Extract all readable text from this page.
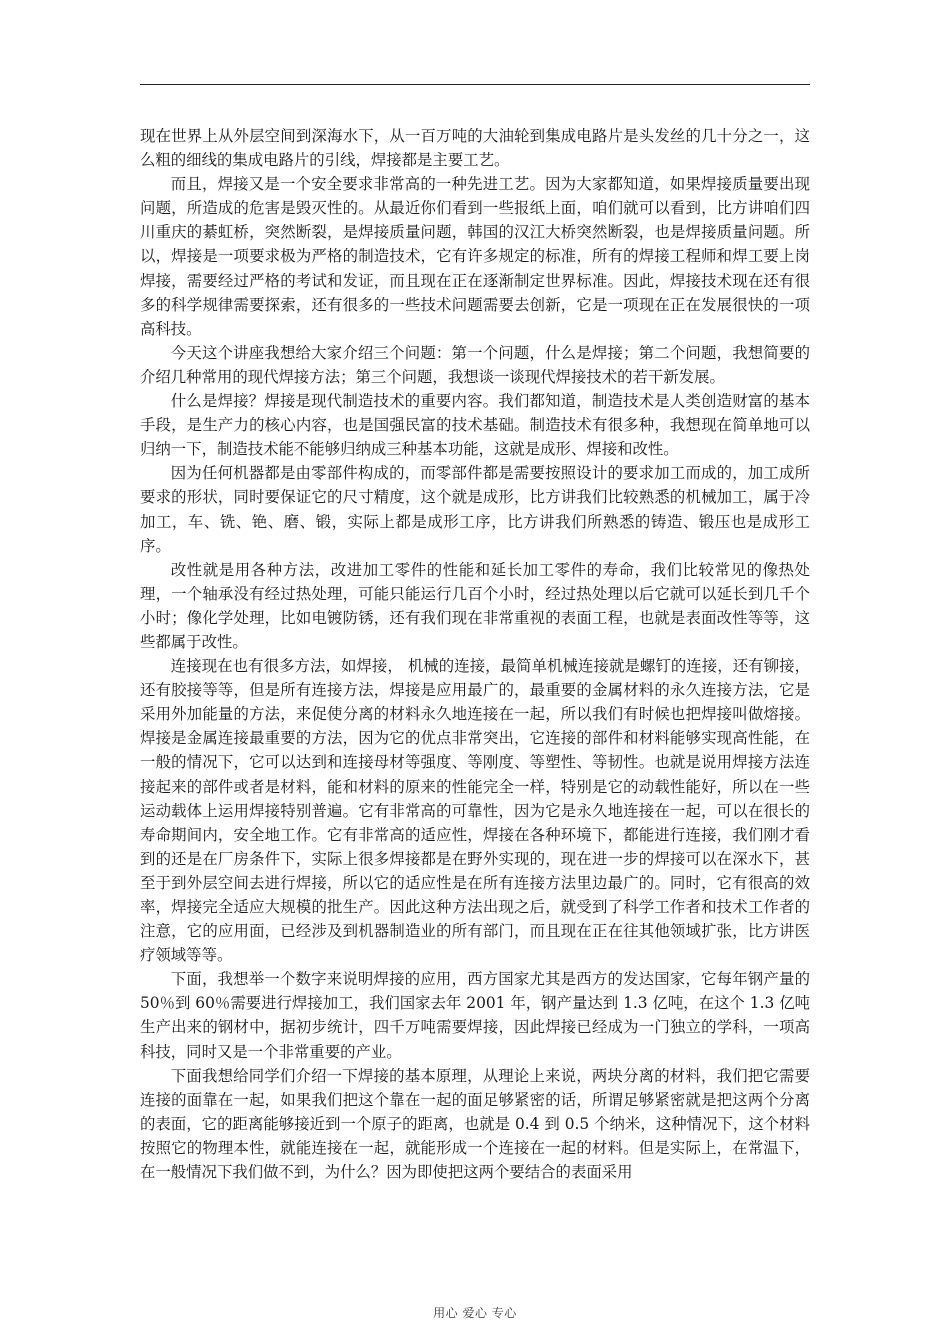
现在世界上从外层空间到深海水下，从一百万吨的大油轮到集成电路片是头发丝的几十分之一，这么粗的细线的集成电路片的引线，焊接都是主要工艺。

而且，焊接又是一个安全要求非常高的一种先进工艺。因为大家都知道，如果焊接质量要出现问题，所造成的危害是毁灭性的。从最近你们看到一些报纸上面，咱们就可以看到，比方讲咱们四川重庆的綦虹桥，突然断裂，是焊接质量问题，韩国的汉江大桥突然断裂，也是焊接质量问题。所以，焊接是一项要求极为严格的制造技术，它有许多规定的标准，所有的焊接工程师和焊工要上岗焊接，需要经过严格的考试和发证，而且现在正在逐渐制定世界标准。因此，焊接技术现在还有很多的科学规律需要探索，还有很多的一些技术问题需要去创新，它是一项现在正在发展很快的一项高科技。

今天这个讲座我想给大家介绍三个问题：第一个问题，什么是焊接；第二个问题，我想简要的介绍几种常用的现代焊接方法；第三个问题，我想谈一谈现代焊接技术的若干新发展。

什么是焊接？焊接是现代制造技术的重要内容。我们都知道，制造技术是人类创造财富的基本手段，是生产力的核心内容，也是国强民富的技术基础。制造技术有很多种，我想现在简单地可以归纳一下，制造技术能不能够归纳成三种基本功能，这就是成形、焊接和改性。

因为任何机器都是由零部件构成的，而零部件都是需要按照设计的要求加工而成的，加工成所要求的形状，同时要保证它的尺寸精度，这个就是成形，比方讲我们比较熟悉的机械加工，属于冷加工，车、铣、铯、磨、锻，实际上都是成形工序，比方讲我们所熟悉的铸造、锻压也是成形工序。

改性就是用各种方法，改进加工零件的性能和延长加工零件的寿命，我们比较常见的像热处理，一个轴承没有经过热处理，可能只能运行几百个小时，经过热处理以后它就可以延长到几千个小时；像化学处理，比如电镀防锈，还有我们现在非常重视的表面工程，也就是表面改性等等，这些都属于改性。

连接现在也有很多方法，如焊接， 机械的连接，最简单机械连接就是螺钉的连接，还有铆接，还有胶接等等，但是所有连接方法，焊接是应用最广的，最重要的金属材料的永久连接方法，它是采用外加能量的方法，来促使分离的材料永久地连接在一起，所以我们有时候也把焊接叫做熔接。焊接是金属连接最重要的方法，因为它的优点非常突出，它连接的部件和材料能够实现高性能，在一般的情况下，它可以达到和连接母材等强度、等刚度、等塑性、等韧性。也就是说用焊接方法连接起来的部件或者是材料，能和材料的原来的性能完全一样，特别是它的动载性能好，所以在一些运动载体上运用焊接特别普遍。它有非常高的可靠性，因为它是永久地连接在一起，可以在很长的寿命期间内，安全地工作。它有非常高的适应性，焊接在各种环境下，都能进行连接，我们刚才看到的还是在厂房条件下，实际上很多焊接都是在野外实现的，现在进一步的焊接可以在深水下，甚至于到外层空间去进行焊接，所以它的适应性是在所有连接方法里边最广的。同时，它有很高的效率，焊接完全适应大规模的批生产。因此这种方法出现之后，就受到了科学工作者和技术工作者的注意，它的应用面，已经涉及到机器制造业的所有部门，而且现在正在往其他领域扩张，比方讲医疗领域等等。

下面，我想举一个数字来说明焊接的应用，西方国家尤其是西方的发达国家，它每年钢产量的 50％到 60％需要进行焊接加工，我们国家去年 2001 年，钢产量达到 1.3 亿吨，在这个 1.3 亿吨生产出来的钢材中，据初步统计，四千万吨需要焊接，因此焊接已经成为一门独立的学科，一项高科技，同时又是一个非常重要的产业。

下面我想给同学们介绍一下焊接的基本原理，从理论上来说，两块分离的材料，我们把它需要连接的面靠在一起，如果我们把这个靠在一起的面足够紧密的话，所谓足够紧密就是把这两个分离的表面，它的距离能够接近到一个原子的距离，也就是 0.4 到 0.5 个纳米，这种情况下，这个材料按照它的物理本性，就能连接在一起，就能形成一个连接在一起的材料。但是实际上，在常温下，在一般情况下我们做不到，为什么？因为即使把这两个要结合的表面采用

用心 爱心 专心
